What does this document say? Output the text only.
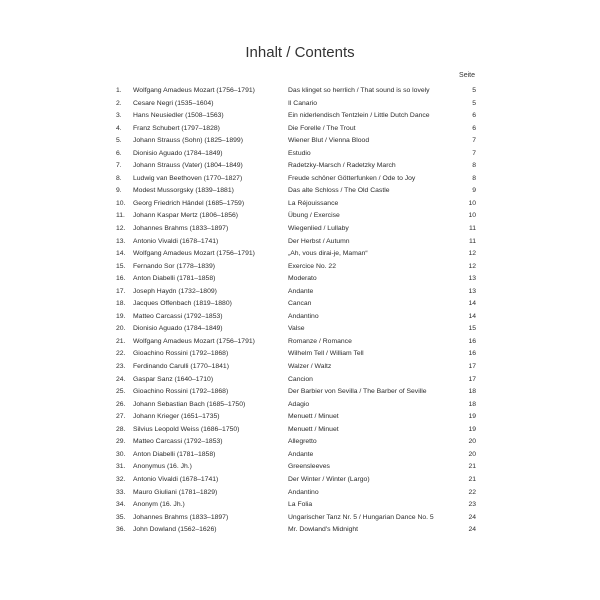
Inhalt / Contents
Seite
1.	Wolfgang Amadeus Mozart (1756–1791)	Das klinget so herrlich / That sound is so lovely	5
2.	Cesare Negri (1535–1604)	Il Canario	5
3.	Hans Neusiedler (1508–1563)	Ein niderlendisch Tentzlein / Little Dutch Dance	6
4.	Franz Schubert (1797–1828)	Die Forelle / The Trout	6
5.	Johann Strauss (Sohn) (1825–1899)	Wiener Blut / Vienna Blood	7
6.	Dionisio Aguado (1784–1849)	Estudio	7
7.	Johann Strauss (Vater) (1804–1849)	Radetzky-Marsch / Radetzky March	8
8.	Ludwig van Beethoven (1770–1827)	Freude schöner Götterfunken / Ode to Joy	8
9.	Modest Mussorgsky (1839–1881)	Das alte Schloss / The Old Castle	9
10.	Georg Friedrich Händel (1685–1759)	La Réjouissance	10
11.	Johann Kaspar Mertz (1806–1856)	Übung / Exercise	10
12.	Johannes Brahms (1833–1897)	Wiegenlied / Lullaby	11
13.	Antonio Vivaldi (1678–1741)	Der Herbst / Autumn	11
14.	Wolfgang Amadeus Mozart (1756–1791)	„Ah, vous dirai-je, Maman“	12
15.	Fernando Sor (1778–1839)	Exercice No. 22	12
16.	Anton Diabelli (1781–1858)	Moderato	13
17.	Joseph Haydn (1732–1809)	Andante	13
18.	Jacques Offenbach (1819–1880)	Cancan	14
19.	Matteo Carcassi (1792–1853)	Andantino	14
20.	Dionisio Aguado (1784–1849)	Valse	15
21.	Wolfgang Amadeus Mozart (1756–1791)	Romanze / Romance	16
22.	Gioachino Rossini (1792–1868)	Wilhelm Tell / William Tell	16
23.	Ferdinando Carulli (1770–1841)	Walzer / Waltz	17
24.	Gaspar Sanz (1640–1710)	Cancion	17
25.	Gioachino Rossini (1792–1868)	Der Barbier von Sevilla / The Barber of Seville	18
26.	Johann Sebastian Bach (1685–1750)	Adagio	18
27.	Johann Krieger (1651–1735)	Menuett / Minuet	19
28.	Silvius Leopold Weiss (1686–1750)	Menuett / Minuet	19
29.	Matteo Carcassi (1792–1853)	Allegretto	20
30.	Anton Diabelli (1781–1858)	Andante	20
31.	Anonymus (16. Jh.)	Greensleeves	21
32.	Antonio Vivaldi (1678–1741)	Der Winter / Winter (Largo)	21
33.	Mauro Giuliani (1781–1829)	Andantino	22
34.	Anonym (16. Jh.)	La Folia	23
35.	Johannes Brahms (1833–1897)	Ungarischer Tanz Nr. 5 / Hungarian Dance No. 5	24
36.	John Dowland (1562–1626)	Mr. Dowland's Midnight	24
